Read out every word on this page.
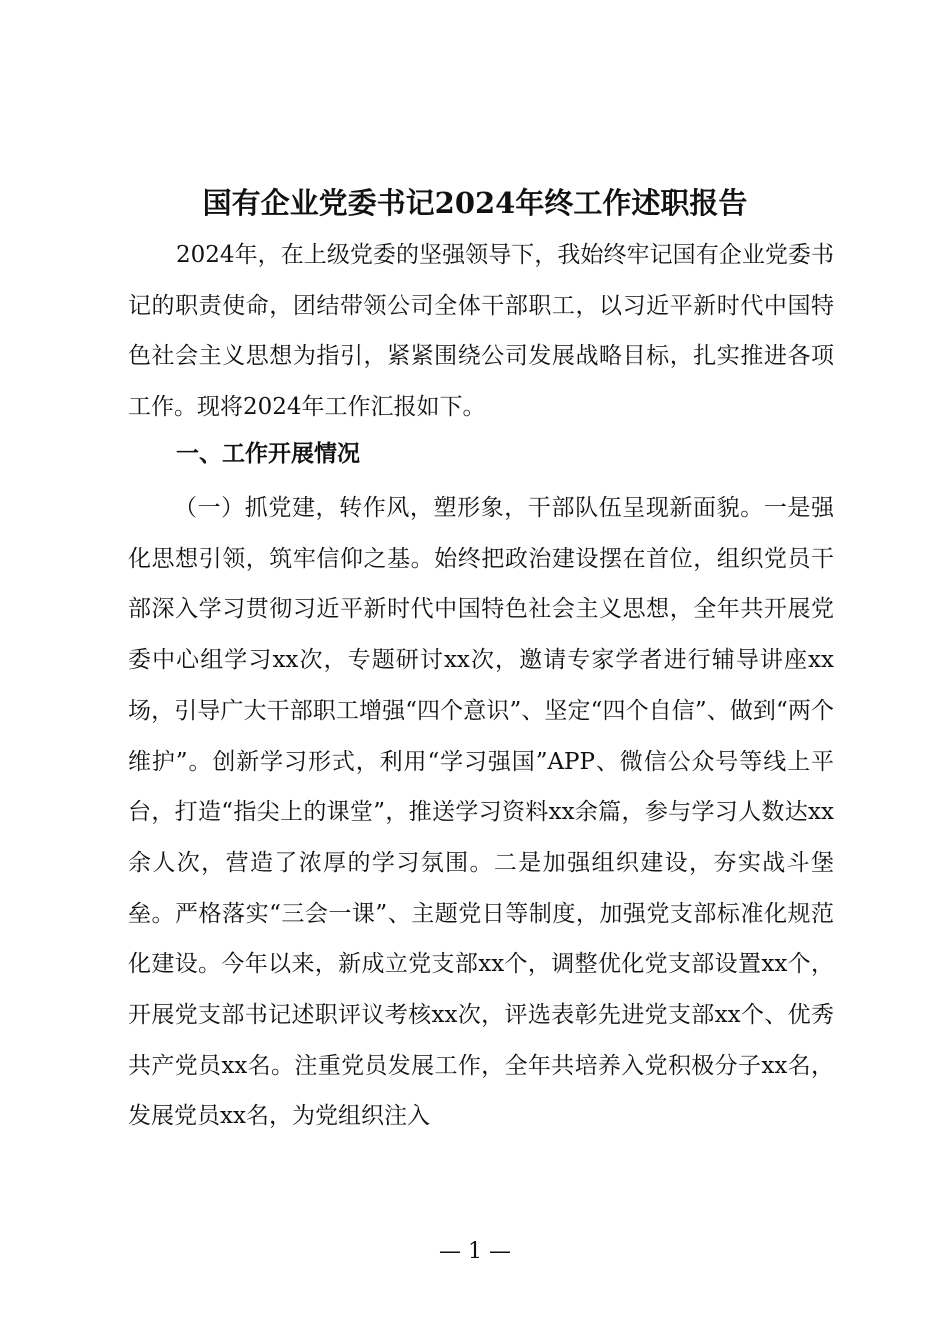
国有企业党委书记2024年终工作述职报告
2024年，在上级党委的坚强领导下，我始终牢记国有企业党委书记的职责使命，团结带领公司全体干部职工，以习近平新时代中国特色社会主义思想为指引，紧紧围绕公司发展战略目标，扎实推进各项工作。现将2024年工作汇报如下。
一、工作开展情况
（一）抓党建，转作风，塑形象，干部队伍呈现新面貌。一是强化思想引领，筑牢信仰之基。始终把政治建设摆在首位，组织党员干部深入学习贯彻习近平新时代中国特色社会主义思想，全年共开展党委中心组学习xx次，专题研讨xx次，邀请专家学者进行辅导讲座xx场，引导广大干部职工增强“四个意识”、坚定“四个自信”、做到“两个维护”。创新学习形式，利用“学习强国”APP、微信公众号等线上平台，打造“指尖上的课堂”，推送学习资料xx余篇，参与学习人数达xx余人次，营造了浓厚的学习氛围。二是加强组织建设，夯实战斗堡垒。严格落实“三会一课”、主题党日等制度，加强党支部标准化规范化建设。今年以来，新成立党支部xx个，调整优化党支部设置xx个，开展党支部书记述职评议考核xx次，评选表彰先进党支部xx个、优秀共产党员xx名。注重党员发展工作，全年共培养入党积极分子xx名，发展党员xx名，为党组织注入
— 1 —
